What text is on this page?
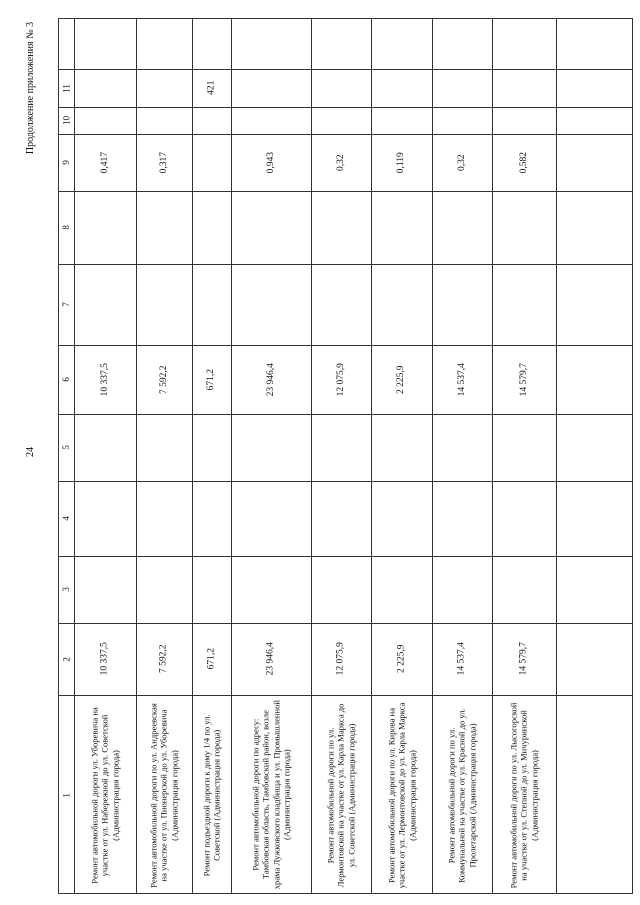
24
Продолжение приложения № 3
1
2
3
4
5
6
7
8
9
10
11
Ремонт автомобильной дороги ул. Уборевича на участке от ул. Набережной до ул. Советской (Администрация города)
10 337,5
10 337,5
0,417
Ремонт автомобильной дороги по ул. Андреевская на участке от ул. Пионерской до ул. Уборевича (Администрация города)
7 592,2
7 592,2
0,317
Ремонт подъездной дороги к дому 1/4 по ул. Советской (Администрация города)
671,2
671,2
421
Ремонт автомобильной дороги по адресу: Тамбовская область, Тамбовский район, возле храма Лужковского кладбища и ул. Промышленной (Администрация города)
23 946,4
23 946,4
0,943
Ремонт автомобильной дороги по ул. Лермонтовской на участке от ул. Карла Маркса до ул. Советской (Администрация города)
12 075,9
12 075,9
0,32
Ремонт автомобильной дороги по ул. Кирова на участке от ул. Лермонтовской до ул. Карла Маркса (Администрация города)
2 225,9
2 225,9
0,119
Ремонт автомобильной дороги по ул. Коммунальной на участке от ул. Красной до ул. Пролетарской (Администрация города)
14 537,4
14 537,4
0,32
Ремонт автомобильной дороги по ул. Лысогорской на участке от ул. Степной до ул. Мичуринской (Администрация города)
14 579,7
14 579,7
0,582
